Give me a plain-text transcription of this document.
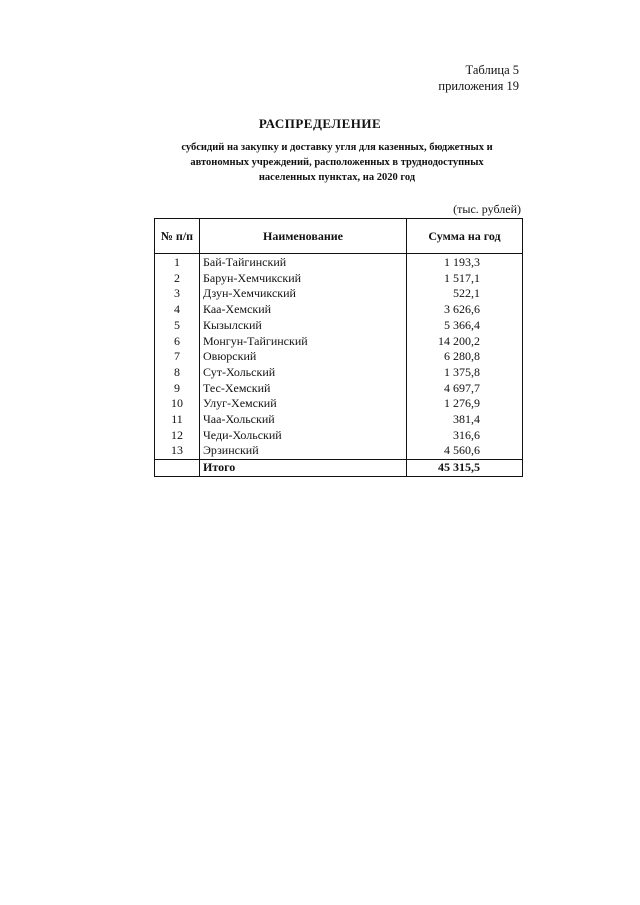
Таблица 5
приложения 19
РАСПРЕДЕЛЕНИЕ
субсидий на закупку и доставку угля для казенных, бюджетных и
автономных учреждений, расположенных в труднодоступных
населенных пунктах, на 2020 год
(тыс. рублей)
№ п/п	Наименование	Сумма на год
1	Бай-Тайгинский	1 193,3
2	Барун-Хемчикский	1 517,1
3	Дзун-Хемчикский	522,1
4	Каа-Хемский	3 626,6
5	Кызылский	5 366,4
6	Монгун-Тайгинский	14 200,2
7	Овюрский	6 280,8
8	Сут-Хольский	1 375,8
9	Тес-Хемский	4 697,7
10	Улуг-Хемский	1 276,9
11	Чаа-Хольский	381,4
12	Чеди-Хольский	316,6
13	Эрзинский	4 560,6
	Итого	45 315,5
